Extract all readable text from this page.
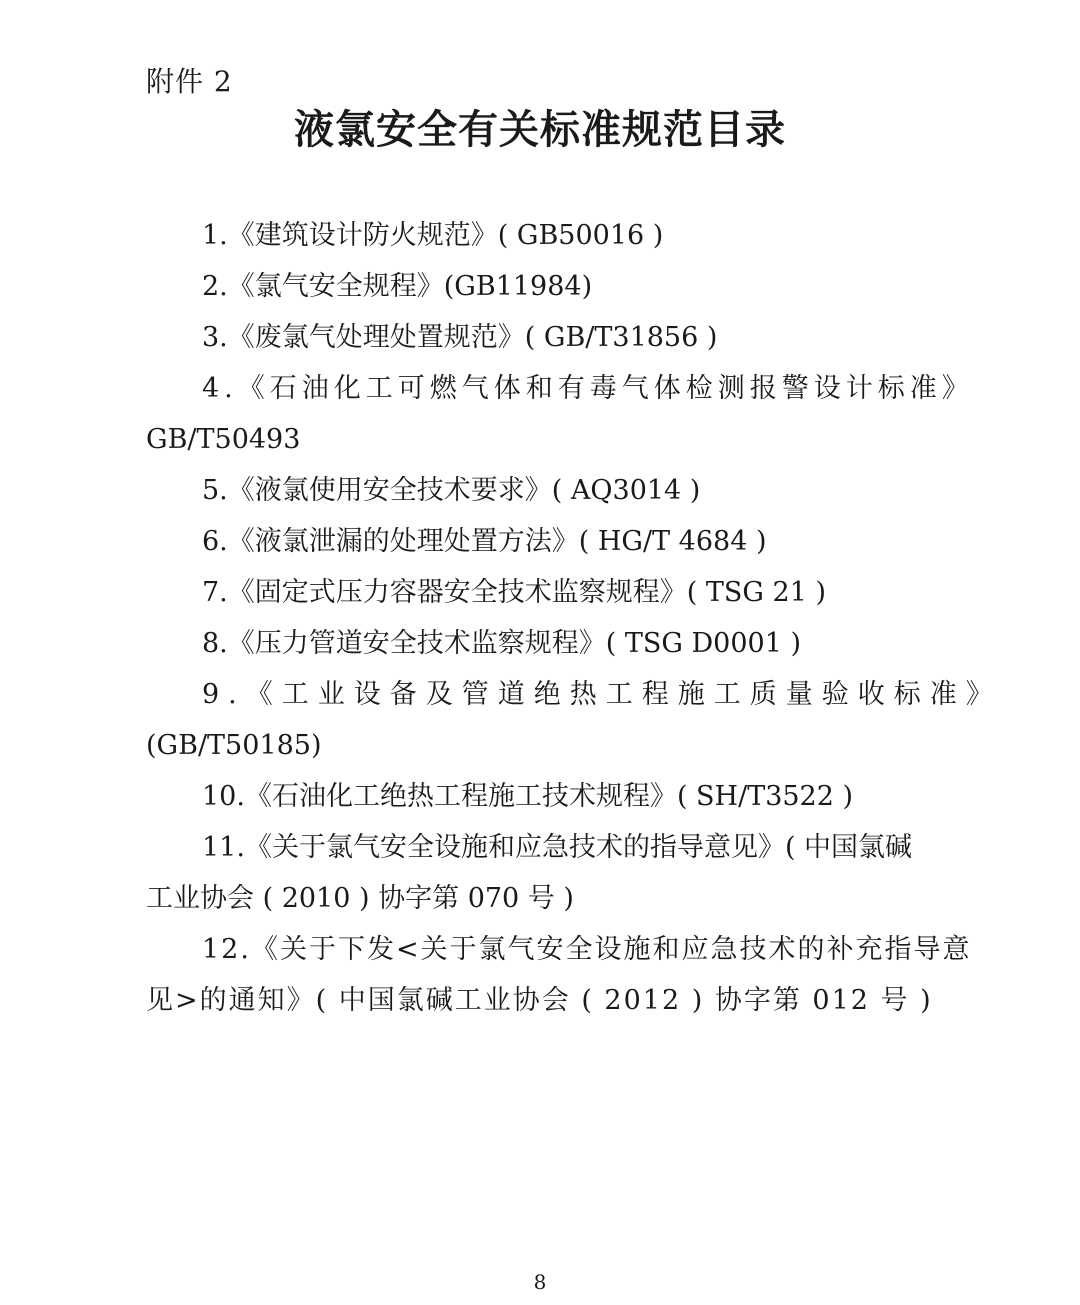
附件 2
液氯安全有关标准规范目录
1.《建筑设计防火规范》( GB50016 )
2.《氯气安全规程》(GB11984)
3.《废氯气处理处置规范》( GB/T31856 )
4.《石油化工可燃气体和有毒气体检测报警设计标准》
GB/T50493
5.《液氯使用安全技术要求》( AQ3014 )
6.《液氯泄漏的处理处置方法》( HG/T 4684 )
7.《固定式压力容器安全技术监察规程》( TSG 21 )
8.《压力管道安全技术监察规程》( TSG D0001 )
9.《工业设备及管道绝热工程施工质量验收标准》
(GB/T50185)
10.《石油化工绝热工程施工技术规程》( SH/T3522 )
11.《关于氯气安全设施和应急技术的指导意见》( 中国氯碱
工业协会 ( 2010 ) 协字第 070 号 )
12.《关于下发<关于氯气安全设施和应急技术的补充指导意
见>的通知》( 中国氯碱工业协会 ( 2012 ) 协字第 012 号 )
8
